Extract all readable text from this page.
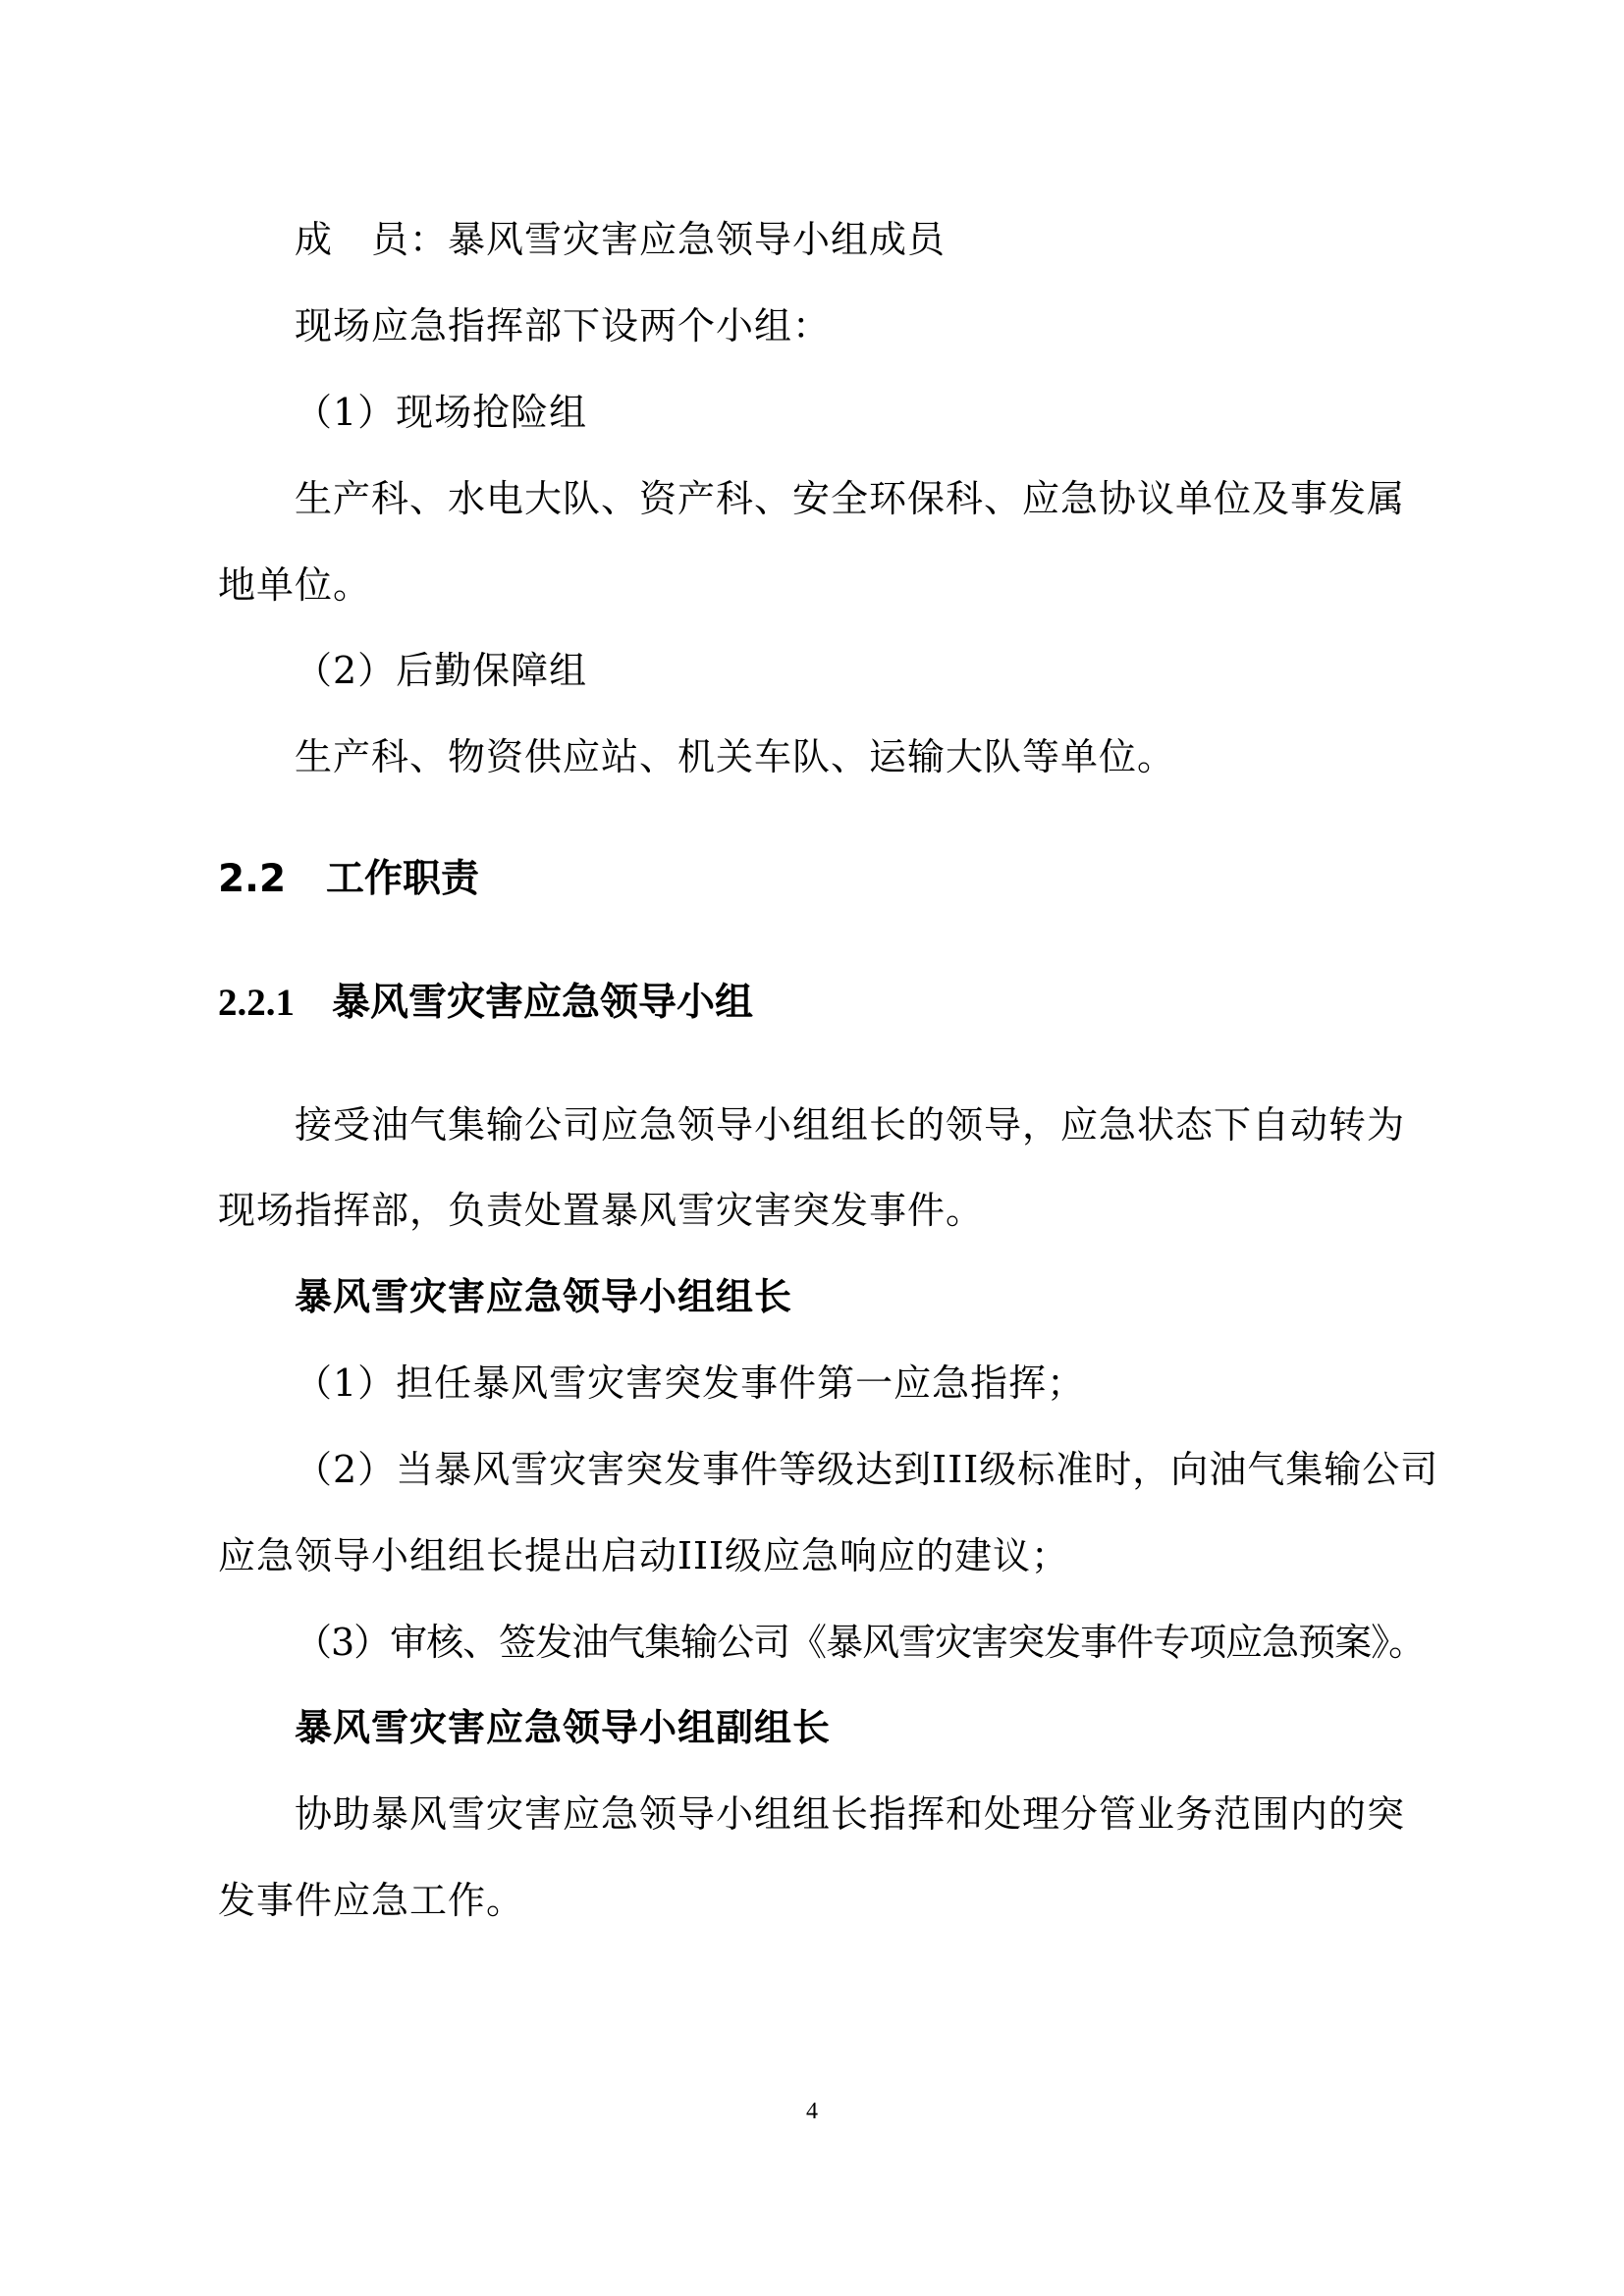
成　员：暴风雪灾害应急领导小组成员
现场应急指挥部下设两个小组：
（1）现场抢险组
生产科、水电大队、资产科、安全环保科、应急协议单位及事发属
地单位。
（2）后勤保障组
生产科、物资供应站、机关车队、运输大队等单位。
2.2 工作职责
2.2.1 暴风雪灾害应急领导小组
接受油气集输公司应急领导小组组长的领导，应急状态下自动转为
现场指挥部，负责处置暴风雪灾害突发事件。
暴风雪灾害应急领导小组组长
（1）担任暴风雪灾害突发事件第一应急指挥；
（2）当暴风雪灾害突发事件等级达到III级标准时，向油气集输公司
应急领导小组组长提出启动III级应急响应的建议；
（3）审核、签发油气集输公司《暴风雪灾害突发事件专项应急预案》。
暴风雪灾害应急领导小组副组长
协助暴风雪灾害应急领导小组组长指挥和处理分管业务范围内的突
发事件应急工作。
4
